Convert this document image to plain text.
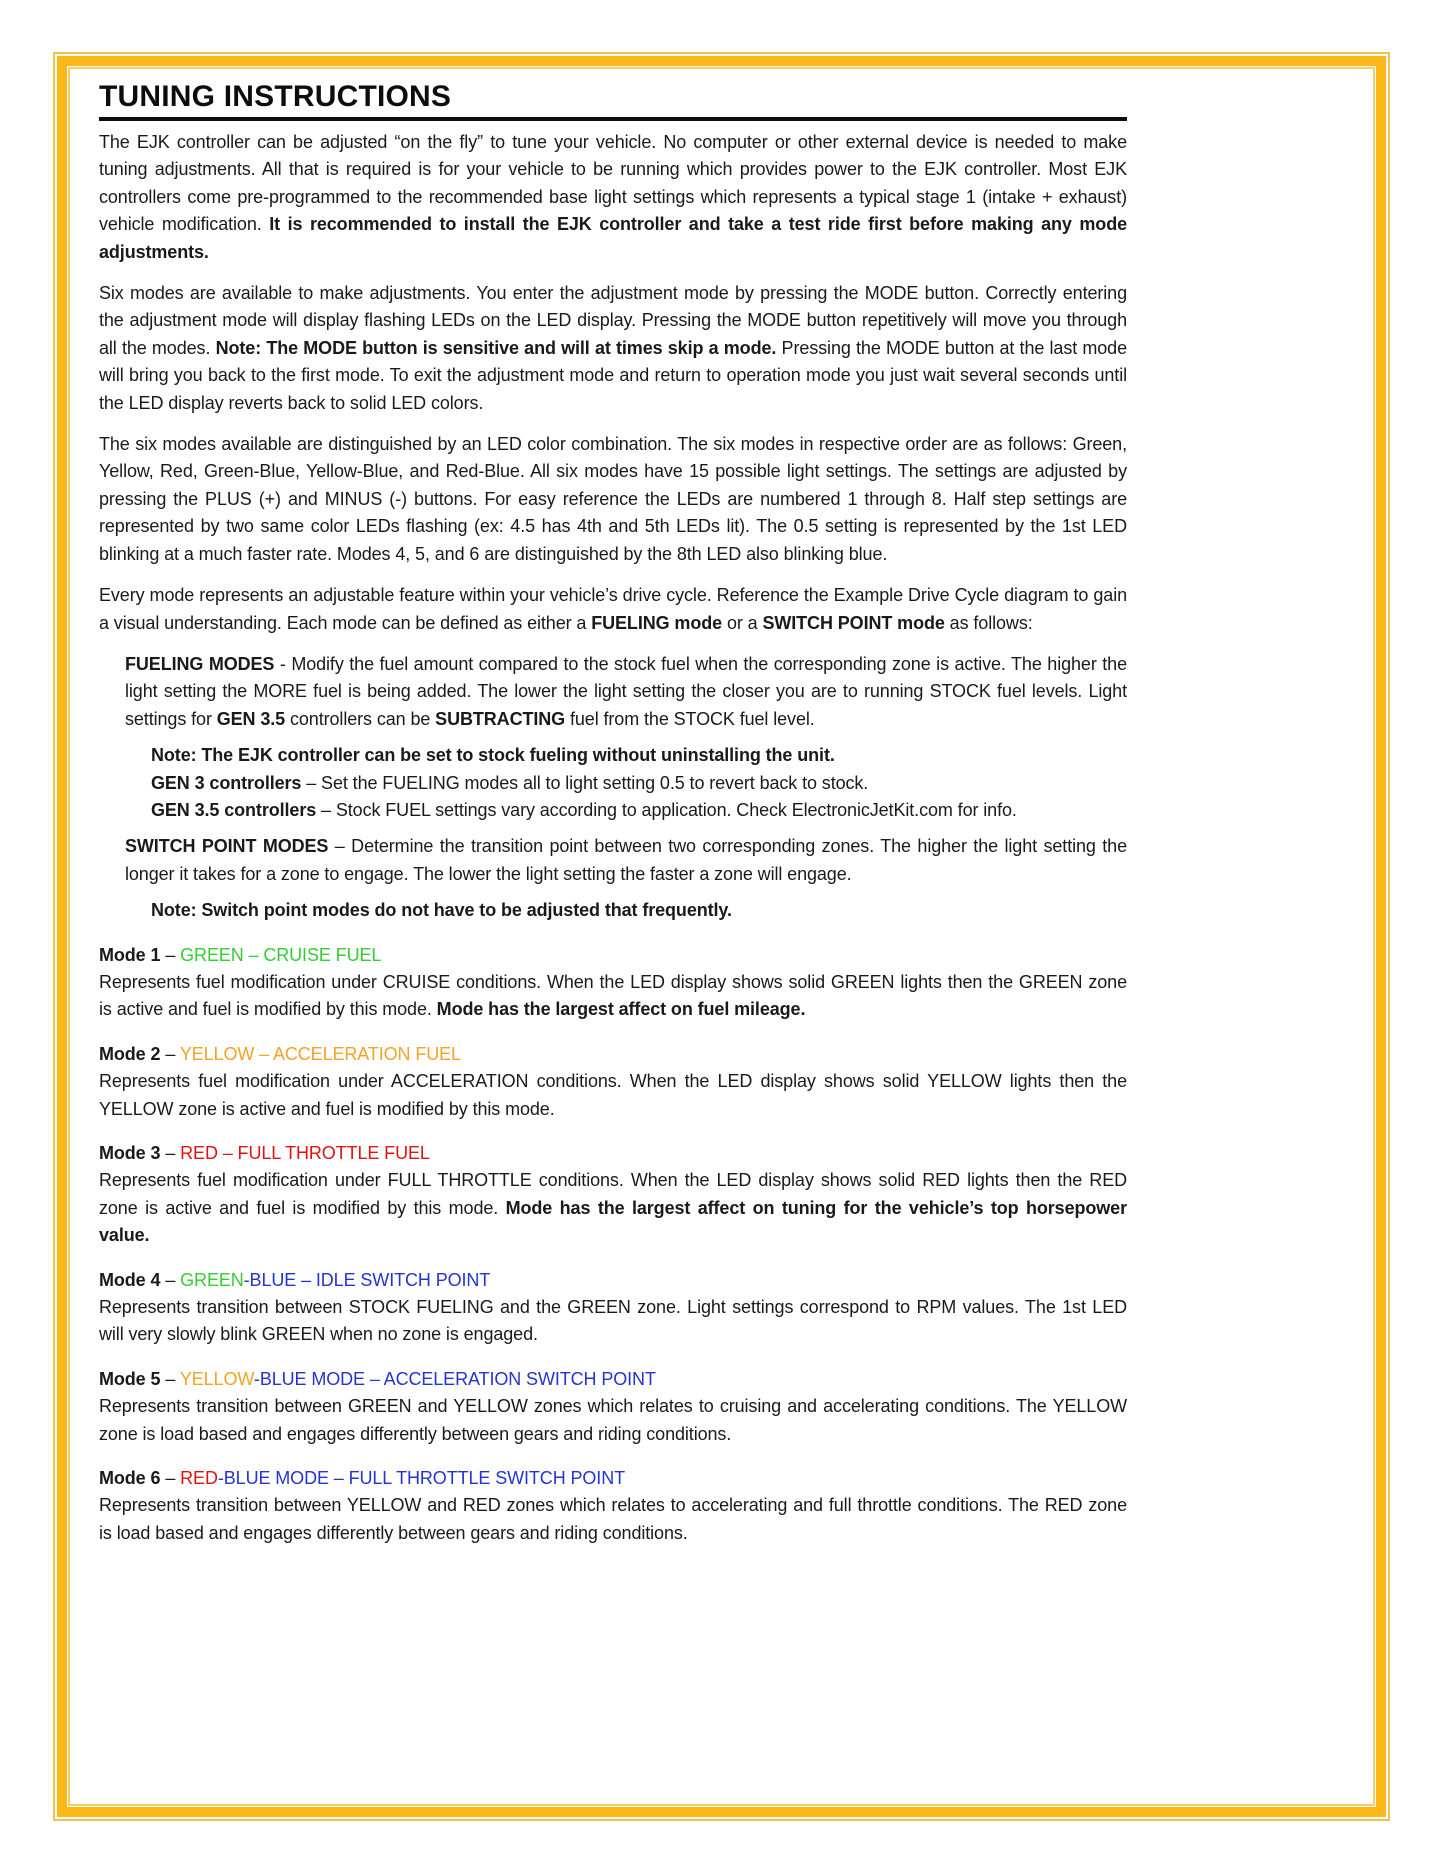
TUNING INSTRUCTIONS

The EJK controller can be adjusted “on the fly” to tune your vehicle. No computer or other external device is needed to make tuning adjustments. All that is required is for your vehicle to be running which provides power to the EJK controller. Most EJK controllers come pre-programmed to the recommended base light settings which represents a typical stage 1 (intake + exhaust) vehicle modification. It is recommended to install the EJK controller and take a test ride first before making any mode adjustments.

Six modes are available to make adjustments. You enter the adjustment mode by pressing the MODE button. Correctly entering the adjustment mode will display flashing LEDs on the LED display. Pressing the MODE button repetitively will move you through all the modes. Note: The MODE button is sensitive and will at times skip a mode. Pressing the MODE button at the last mode will bring you back to the first mode. To exit the adjustment mode and return to operation mode you just wait several seconds until the LED display reverts back to solid LED colors.

The six modes available are distinguished by an LED color combination. The six modes in respective order are as follows: Green, Yellow, Red, Green-Blue, Yellow-Blue, and Red-Blue. All six modes have 15 possible light settings. The settings are adjusted by pressing the PLUS (+) and MINUS (-) buttons. For easy reference the LEDs are numbered 1 through 8. Half step settings are represented by two same color LEDs flashing (ex: 4.5 has 4th and 5th LEDs lit). The 0.5 setting is represented by the 1st LED blinking at a much faster rate. Modes 4, 5, and 6 are distinguished by the 8th LED also blinking blue.

Every mode represents an adjustable feature within your vehicle’s drive cycle. Reference the Example Drive Cycle diagram to gain a visual understanding. Each mode can be defined as either a FUELING mode or a SWITCH POINT mode as follows:

FUELING MODES - Modify the fuel amount compared to the stock fuel when the corresponding zone is active. The higher the light setting the MORE fuel is being added. The lower the light setting the closer you are to running STOCK fuel levels. Light settings for GEN 3.5 controllers can be SUBTRACTING fuel from the STOCK fuel level.

Note: The EJK controller can be set to stock fueling without uninstalling the unit.

GEN 3 controllers – Set the FUELING modes all to light setting 0.5 to revert back to stock.

GEN 3.5 controllers – Stock FUEL settings vary according to application. Check ElectronicJetKit.com for info.

SWITCH POINT MODES – Determine the transition point between two corresponding zones. The higher the light setting the longer it takes for a zone to engage. The lower the light setting the faster a zone will engage.

Note: Switch point modes do not have to be adjusted that frequently.

Mode 1 – GREEN – CRUISE FUEL

Represents fuel modification under CRUISE conditions. When the LED display shows solid GREEN lights then the GREEN zone is active and fuel is modified by this mode. Mode has the largest affect on fuel mileage.

Mode 2 – YELLOW – ACCELERATION FUEL

Represents fuel modification under ACCELERATION conditions. When the LED display shows solid YELLOW lights then the YELLOW zone is active and fuel is modified by this mode.

Mode 3 – RED – FULL THROTTLE FUEL

Represents fuel modification under FULL THROTTLE conditions. When the LED display shows solid RED lights then the RED zone is active and fuel is modified by this mode. Mode has the largest affect on tuning for the vehicle’s top horsepower value.

Mode 4 – GREEN-BLUE – IDLE SWITCH POINT

Represents transition between STOCK FUELING and the GREEN zone. Light settings correspond to RPM values. The 1st LED will very slowly blink GREEN when no zone is engaged.

Mode 5 – YELLOW-BLUE MODE – ACCELERATION SWITCH POINT

Represents transition between GREEN and YELLOW zones which relates to cruising and accelerating conditions. The YELLOW zone is load based and engages differently between gears and riding conditions.

Mode 6 – RED-BLUE MODE – FULL THROTTLE SWITCH POINT

Represents transition between YELLOW and RED zones which relates to accelerating and full throttle conditions. The RED zone is load based and engages differently between gears and riding conditions.
